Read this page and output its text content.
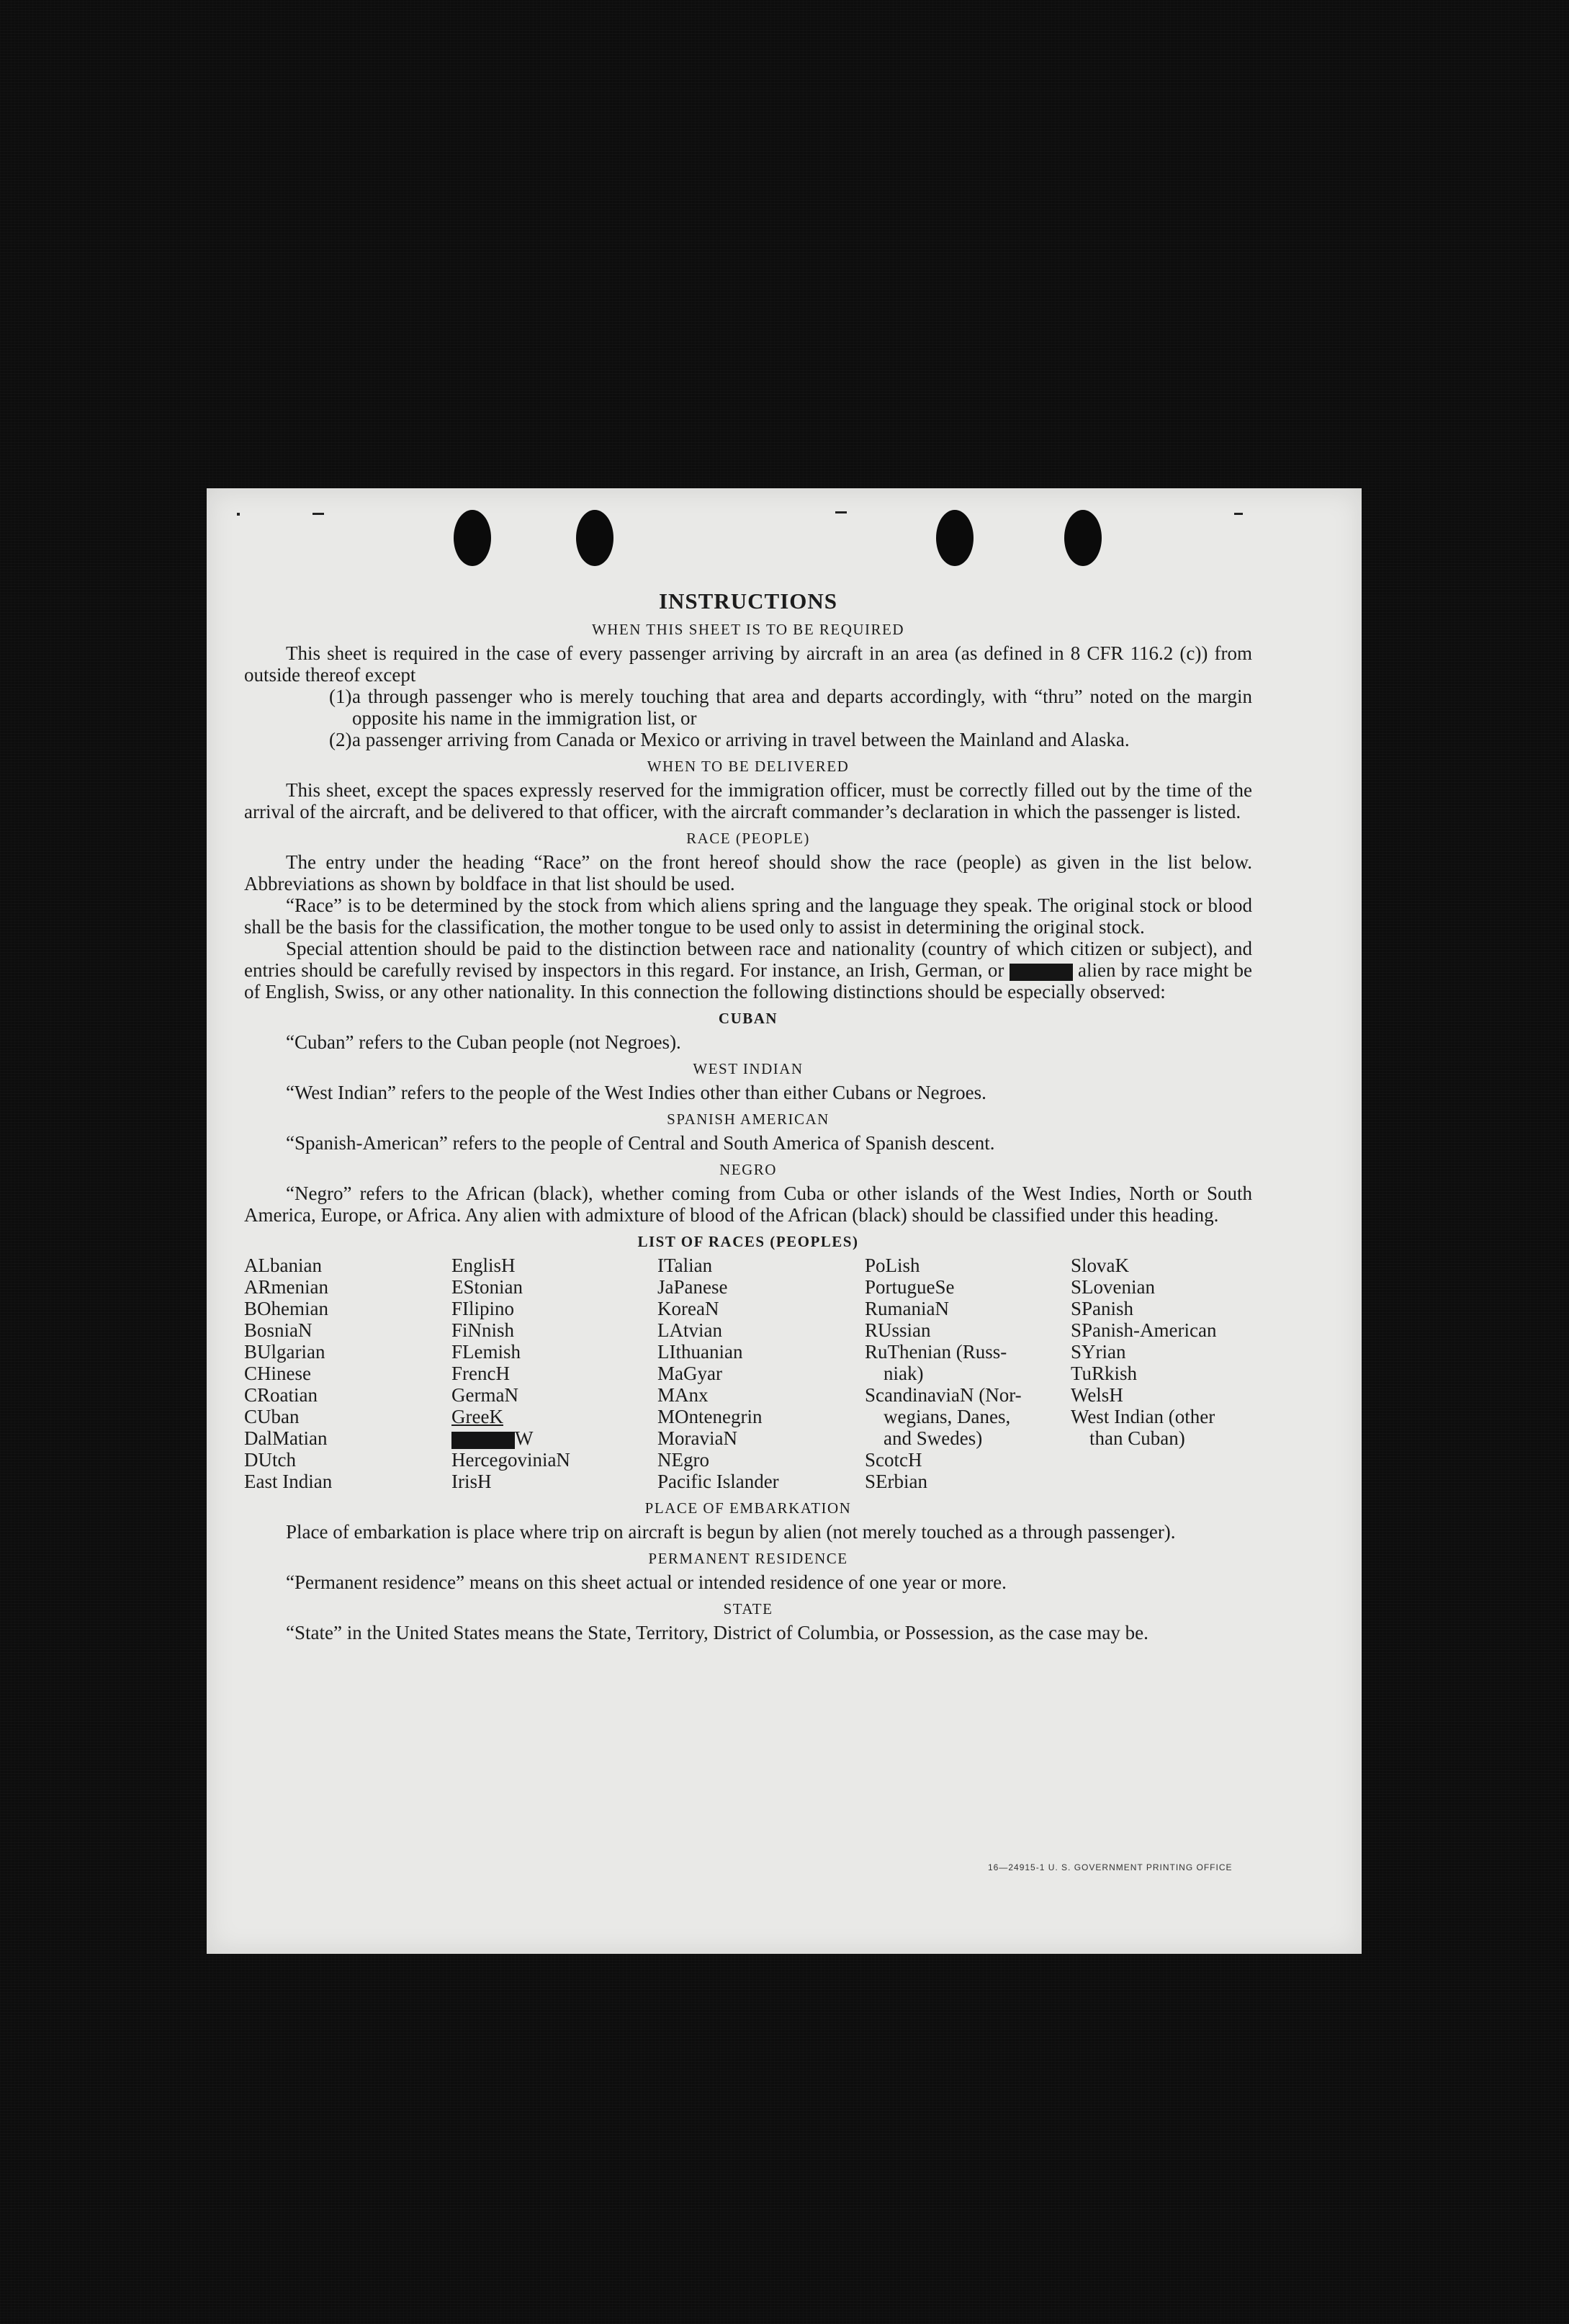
INSTRUCTIONS
WHEN THIS SHEET IS TO BE REQUIRED

This sheet is required in the case of every passenger arriving by aircraft in an area (as defined in 8 CFR 116.2 (c)) from outside thereof except

(1) a through passenger who is merely touching that area and departs accordingly, with “thru” noted on the margin opposite his name in the immigration list, or
(2) a passenger arriving from Canada or Mexico or arriving in travel between the Mainland and Alaska.
WHEN TO BE DELIVERED

This sheet, except the spaces expressly reserved for the immigration officer, must be correctly filled out by the time of the arrival of the aircraft, and be delivered to that officer, with the aircraft commander’s declaration in which the passenger is listed.

RACE (PEOPLE)

The entry under the heading “Race” on the front hereof should show the race (people) as given in the list below. Abbreviations as shown by boldface in that list should be used.

“Race” is to be determined by the stock from which aliens spring and the language they speak. The original stock or blood shall be the basis for the classification, the mother tongue to be used only to assist in determining the original stock.

Special attention should be paid to the distinction between race and nationality (country of which citizen or subject), and entries should be carefully revised by inspectors in this regard. For instance, an Irish, German, or	alien by race might be of English, Swiss, or any other nationality. In this connection the following distinctions should be especially observed:

CUBAN

“Cuban” refers to the Cuban people (not Negroes).

WEST INDIAN

“West Indian” refers to the people of the West Indies other than either Cubans or Negroes.

SPANISH AMERICAN

“Spanish-American” refers to the people of Central and South America of Spanish descent.

NEGRO

“Negro” refers to the African (black), whether coming from Cuba or other islands of the West Indies, North or South America, Europe, or Africa. Any alien with admixture of blood of the African (black) should be classified under this heading.

LIST OF RACES (PEOPLES)
ALbanian
ARmenian
BOhemian
BosniaN
BUlgarian
CHinese
CRoatian
CUban
DalMatian
DUtch
East Indian
EnglisH
EStonian
FIlipino
FiNnish
FLemish
FrencH
GermaN
GreeK
W
HercegoviniaN
IrisH
ITalian
JaPanese
KoreaN
LAtvian
LIthuanian
MaGyar
MAnx
MOntenegrin
MoraviaN
NEgro
Pacific Islander
PoLish
PortugueSe
RumaniaN
RUssian
RuThenian (Russ-
niak)
ScandinaviaN (Nor-
wegians, Danes,
and Swedes)
ScotcH
SErbian
SlovaK
SLovenian
SPanish
SPanish-American
SYrian
TuRkish
WelsH
West Indian (other
than Cuban)
PLACE OF EMBARKATION

Place of embarkation is place where trip on aircraft is begun by alien (not merely touched as a through passenger).

PERMANENT RESIDENCE

“Permanent residence” means on this sheet actual or intended residence of one year or more.

STATE

“State” in the United States means the State, Territory, District of Columbia, or Possession, as the case may be.

16—24915-1 U. S. GOVERNMENT PRINTING OFFICE
